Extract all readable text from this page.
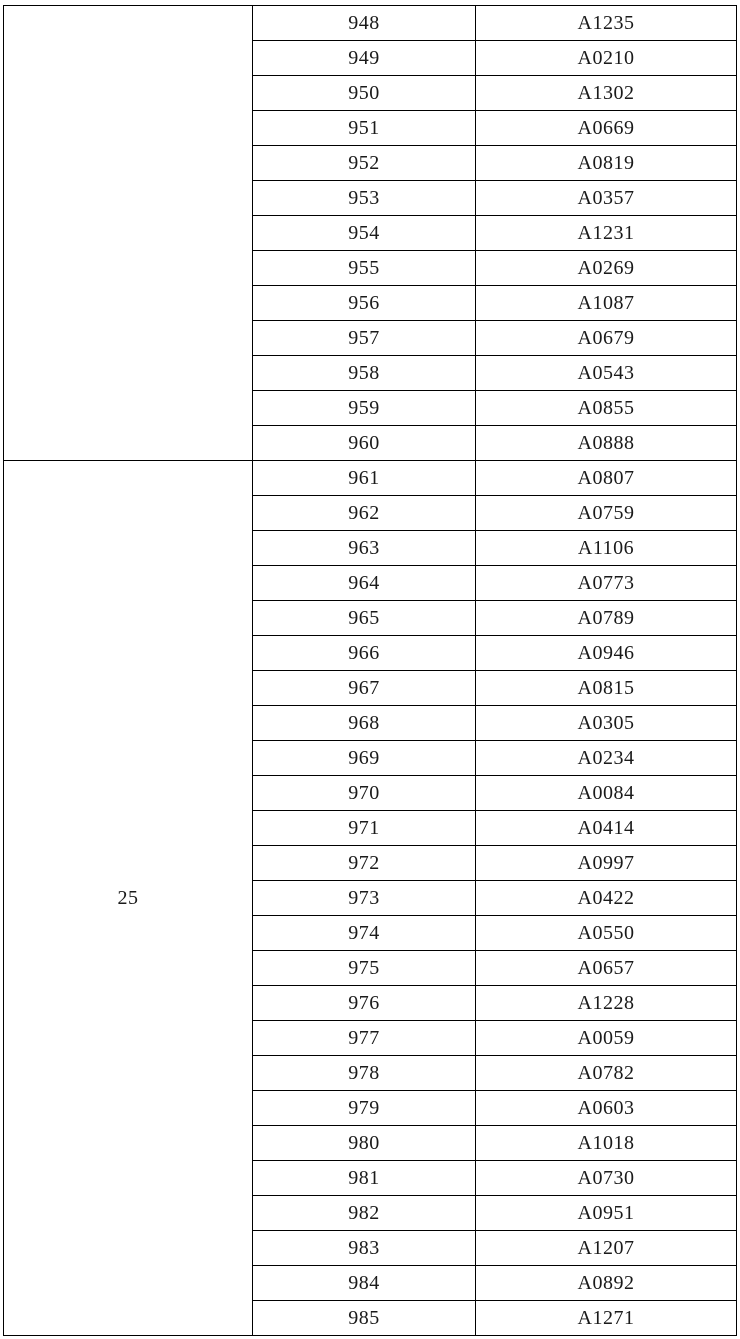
	948	A1235
	949	A0210
	950	A1302
	951	A0669
	952	A0819
	953	A0357
	954	A1231
	955	A0269
	956	A1087
	957	A0679
	958	A0543
	959	A0855
	960	A0888
25	961	A0807
	962	A0759
	963	A1106
	964	A0773
	965	A0789
	966	A0946
	967	A0815
	968	A0305
	969	A0234
	970	A0084
	971	A0414
	972	A0997
	973	A0422
	974	A0550
	975	A0657
	976	A1228
	977	A0059
	978	A0782
	979	A0603
	980	A1018
	981	A0730
	982	A0951
	983	A1207
	984	A0892
	985	A1271
